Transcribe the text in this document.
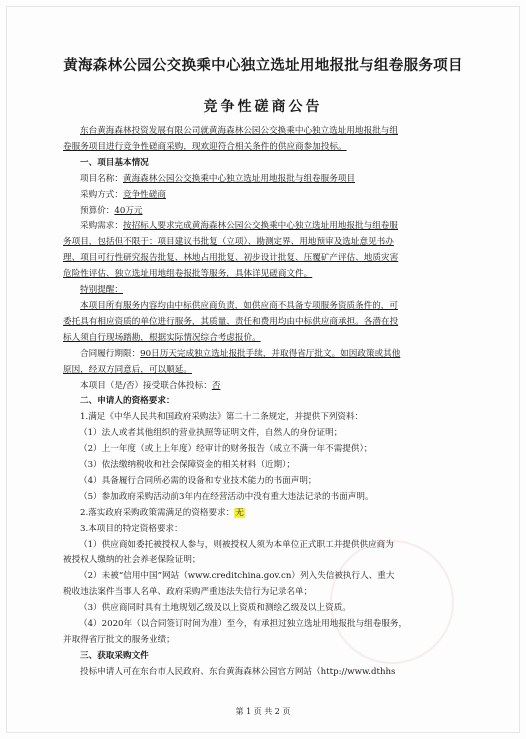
黄海森林公园公交换乘中心独立选址用地报批与组卷服务项目
竞争性磋商公告

东台黄海森林投资发展有限公司就黄海森林公园公交换乘中心独立选址用地报批与组

卷服务项目进行竞争性磋商采购，现欢迎符合相关条件的供应商参加投标。

一、项目基本情况

项目名称：黄海森林公园公交换乘中心独立选址用地报批与组卷服务项目

采购方式：竞争性磋商

预算价：40万元

采购需求：按招标人要求完成黄海森林公园公交换乘中心独立选址用地报批与组卷服

务项目，包括但不限于：项目建议书批复（立项）、勘测定界、用地预审及选址意见书办

理、项目可行性研究报告批复、林地占用批复、初步设计批复、压覆矿产评估、地质灾害

危险性评估、独立选址用地组卷报批等服务，具体详见磋商文件。

特别提醒：

本项目所有服务内容均由中标供应商负责，如供应商不具备专项服务资质条件的，可

委托具有相应资质的单位进行服务，其质量、责任和费用均由中标供应商承担。各潜在投

标人须自行现场踏勘，根据实际情况综合考虑报价。

合同履行期限：90日历天完成独立选址报批手续，并取得省厅批文。如因政策或其他

原因，经双方同意后，可以顺延。

本项目（是/否）接受联合体投标：否

二、申请人的资格要求：

1.满足《中华人民共和国政府采购法》第二十二条规定，并提供下列资料：

（1）法人或者其他组织的营业执照等证明文件，自然人的身份证明；

（2）上一年度（或上上年度）经审计的财务报告（成立不满一年不需提供）；

（3）依法缴纳税收和社会保障资金的相关材料（近期）；

（4）具备履行合同所必需的设备和专业技术能力的书面声明；

（5）参加政府采购活动前3年内在经营活动中没有重大违法记录的书面声明。

2.落实政府采购政策需满足的资格要求：无

3.本项目的特定资格要求：

（1）供应商如委托被授权人参与，则被授权人须为本单位正式职工并提供供应商为

被授权人缴纳的社会养老保险证明；

（2）未被“信用中国”网站（www.creditchina.gov.cn）列入失信被执行人、重大

税收违法案件当事人名单、政府采购严重违法失信行为记录名单；

（3）供应商同时具有土地规划乙级及以上资质和测绘乙级及以上资质。

（4）2020年（以合同签订时间为准）至今，有承担过独立选址用地报批与组卷服务，

并取得省厅批文的服务业绩；

三、获取采购文件

投标申请人可在东台市人民政府、东台黄海森林公园官方网站（http://www.dthhs

第 1 页 共 2 页
